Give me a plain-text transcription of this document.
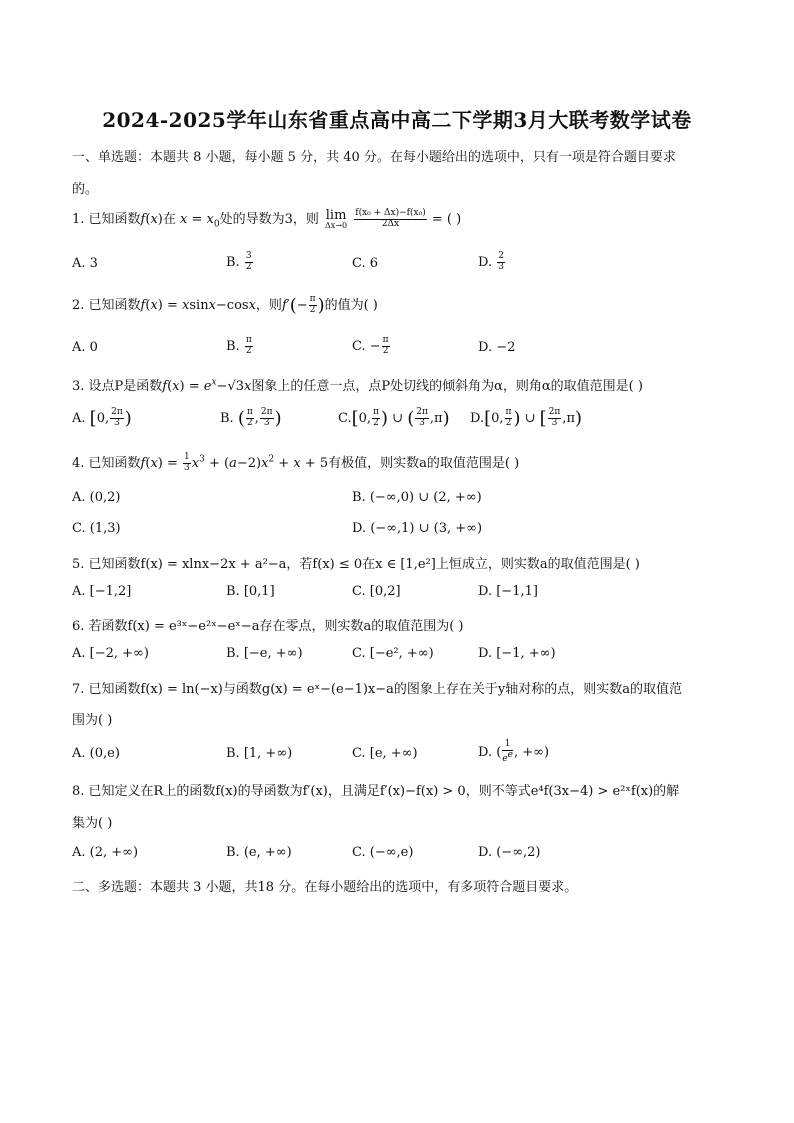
2024-2025学年山东省重点高中高二下学期3月大联考数学试卷
一、单选题：本题共 8 小题，每小题 5 分，共 40 分。在每小题给出的选项中，只有一项是符合题目要求
的。
1. 已知函数f(x)在 $x = x_0$处的导数为3，则 lim
Δx→0
$\frac{\text{f(x₀ + Δx)−f(x₀)}}{2\Delta x}$ = ( )
A. 3	B. $\frac{3}{2}$	C. 6	D. $\frac{2}{3}$
2. 已知函数f(x) = xsinx−cosx，则$f'(- \frac{\pi}{2}$ )的值为( )
A. 0	B. $\frac{\pi}{2}$	C. − $\frac{\pi}{2}$	D. −2
3. 设点P是函数$f(x) = e^x-√3x$图象上的任意一点，点P处切线的倾斜角为α，则角α的取值范围是( )
A. [0, $\frac{2\pi}{3}$ )	B. ( $\frac{\pi}{2}$ , $\frac{2\pi}{3}$ )	C.[0, $\frac{\pi}{2}$ ) ∪ ( $\frac{2\pi}{3} ,\pi$) D.[0, $\frac{\pi}{2}$ ) ∪ [ $\frac{2\pi}{3} ,\pi$)
4. 已知函数$f(x) = \frac{1}{3} x^3 + (a-2)x^2 + x + 5$有极值，则实数a的取值范围是( )
A. (0,2)	B. (−∞,0) ∪ (2, +∞)
C. (1,3)	D. (−∞,1) ∪ (3, +∞)
5. 已知函数f(x) = xlnx−2x + a²−a，若f(x) ≤ 0在x ∈ [1,e²]上恒成立，则实数a的取值范围是( )
A. [−1,2]	B. [0,1]	C. [0,2]	D. [−1,1]
6. 若函数f(x) = e³ˣ−e²ˣ−eˣ−a存在零点，则实数a的取值范围为( )
A. [−2, +∞)	B. [−e, +∞)	C. [−e², +∞)	D. [−1, +∞)
7. 已知函数f(x) = ln(−x)与函数g(x) = eˣ−(e−1)x−a的图象上存在关于y轴对称的点，则实数a的取值范
围为( )
A. (0,e)	B. [1, +∞)	C. [e, +∞)	D. ( $\frac{1}{e^e}$ , +∞)
8. 已知定义在R上的函数f(x)的导函数为f′(x)，且满足f′(x)−f(x) > 0，则不等式e⁴f(3x−4) > e²ˣf(x)的解
集为( )
A. (2, +∞)	B. (e, +∞)	C. (−∞,e)	D. (−∞,2)
二、多选题：本题共 3 小题，共18 分。在每小题给出的选项中，有多项符合题目要求。
